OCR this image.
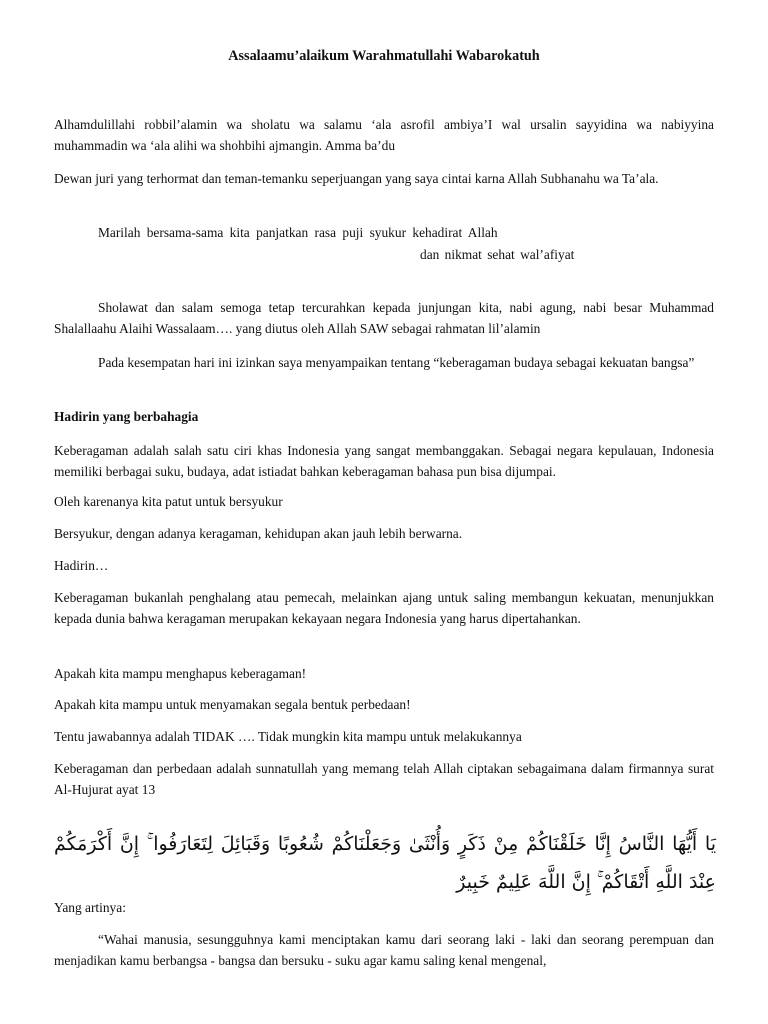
Assalaamu’alaikum Warahmatullahi Wabarokatuh

Alhamdulillahi robbil’alamin wa sholatu wa salamu ‘ala asrofil ambiya’I wal ursalin sayyidina wa nabiyyina muhammadin wa ‘ala alihi wa shohbihi ajmangin. Amma ba’du

Dewan juri yang terhormat dan teman-temanku seperjuangan yang saya cintai karna Allah Subhanahu wa Ta’ala.

Marilah bersama-sama kita panjatkan rasa puji syukur kehadirat Allah
dan nikmat sehat wal’afiyat

Sholawat dan salam semoga tetap tercurahkan kepada junjungan kita, nabi agung, nabi besar Muhammad Shalallaahu Alaihi Wassalaam…. yang diutus oleh Allah SAW sebagai rahmatan lil’alamin

Pada kesempatan hari ini izinkan saya menyampaikan tentang “keberagaman budaya sebagai kekuatan bangsa”

Hadirin yang berbahagia

Keberagaman adalah salah satu ciri khas Indonesia yang sangat membanggakan. Sebagai negara kepulauan, Indonesia memiliki berbagai suku, budaya, adat istiadat bahkan keberagaman bahasa pun bisa dijumpai.

Oleh karenanya kita patut untuk bersyukur

Bersyukur, dengan adanya keragaman, kehidupan akan jauh lebih berwarna.

Hadirin…

Keberagaman bukanlah penghalang atau pemecah, melainkan ajang untuk saling membangun kekuatan, menunjukkan kepada dunia bahwa keragaman merupakan kekayaan negara Indonesia yang harus dipertahankan.

Apakah kita mampu menghapus keberagaman!

Apakah kita mampu untuk menyamakan segala bentuk perbedaan!

Tentu jawabannya adalah TIDAK …. Tidak mungkin kita mampu untuk melakukannya

Keberagaman dan perbedaan adalah sunnatullah yang memang telah Allah ciptakan sebagaimana dalam firmannya surat Al-Hujurat ayat 13

يَا أَيُّهَا النَّاسُ إِنَّا خَلَقْنَاكُمْ مِنْ ذَكَرٍ وَأُنْثَىٰ وَجَعَلْنَاكُمْ شُعُوبًا وَقَبَائِلَ لِتَعَارَفُوا ۚ إِنَّ أَكْرَمَكُمْ عِنْدَ اللَّهِ أَتْقَاكُمْ ۚ إِنَّ اللَّهَ عَلِيمٌ خَبِيرٌ

Yang artinya:

“Wahai manusia, sesungguhnya kami menciptakan kamu dari seorang laki - laki dan seorang perempuan dan menjadikan kamu berbangsa - bangsa dan bersuku - suku agar kamu saling kenal mengenal,
